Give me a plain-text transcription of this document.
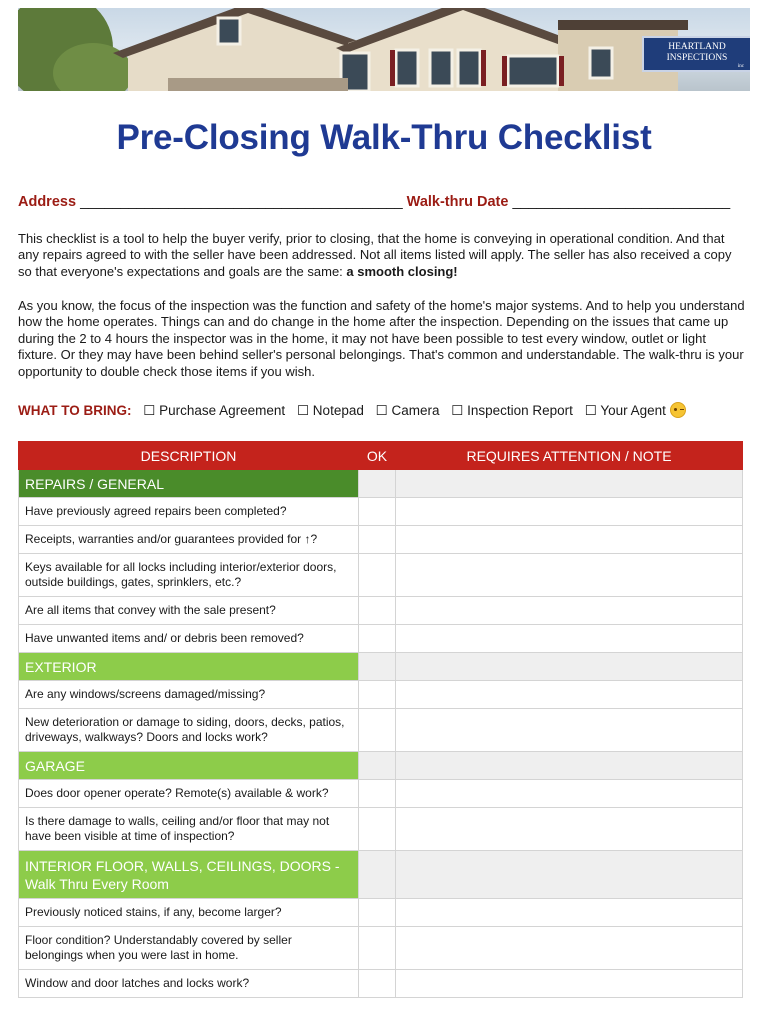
HEARTLAND
INSPECTIONS
inc
Pre-Closing Walk-Thru Checklist
Address ________________________________________ Walk-thru Date ___________________________

This checklist is a tool to help the buyer verify, prior to closing, that the home is conveying in operational condition. And that any repairs agreed to with the seller have been addressed. Not all items listed will apply. The seller has also received a copy so that everyone's expectations and goals are the same: a smooth closing!

As you know, the focus of the inspection was the function and safety of the home's major systems. And to help you understand how the home operates. Things can and do change in the home after the inspection. Depending on the issues that came up during the 2 to 4 hours the inspector was in the home, it may not have been possible to test every window, outlet or light fixture. Or they may have been behind seller's personal belongings. That's common and understandable. The walk-thru is your opportunity to double check those items if you wish.

WHAT TO BRING: ☐ Purchase Agreement ☐ Notepad ☐ Camera ☐ Inspection Report ☐ Your Agent
DESCRIPTION	OK	REQUIRES ATTENTION / NOTE
REPAIRS / GENERAL		
Have previously agreed repairs been completed?		
Receipts, warranties and/or guarantees provided for ↑?		
Keys available for all locks including interior/exterior doors, outside buildings, gates, sprinklers, etc.?		
Are all items that convey with the sale present?		
Have unwanted items and/ or debris been removed?		
EXTERIOR		
Are any windows/screens damaged/missing?		
New deterioration or damage to siding, doors, decks, patios, driveways, walkways? Doors and locks work?		
GARAGE		
Does door opener operate? Remote(s) available & work?		
Is there damage to walls, ceiling and/or floor that may not have been visible at time of inspection?		
INTERIOR FLOOR, WALLS, CEILINGS, DOORS - Walk Thru Every Room		
Previously noticed stains, if any, become larger?		
Floor condition? Understandably covered by seller belongings when you were last in home.		
Window and door latches and locks work?		
